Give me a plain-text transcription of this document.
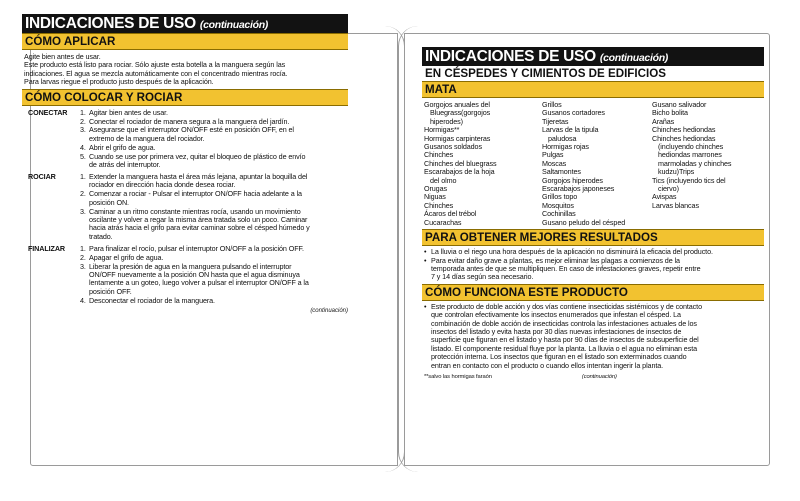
INDICACIONES DE USO (continuación)
CÓMO APLICAR
Agite bien antes de usar.
Este producto está listo para rociar. Sólo ajuste esta botella a la manguera según las
indicaciones. El agua se mezcla automáticamente con el concentrado mientras rocía.
Para larvas riegue el producto justo después de la aplicación.
CÓMO COLOCAR Y ROCIAR
CONECTAR	1. Agitar bien antes de usar.
2. Conectar el rociador de manera segura a la manguera del jardín.
3. Asegurarse que el interruptor ON/OFF esté en posición OFF, en el
extremo de la manguera del rociador.
4. Abrir el grifo de agua.
5. Cuando se use por primera vez, quitar el bloqueo de plástico de envío
de atrás del interruptor.
ROCIAR	1. Extender la manguera hasta el área más lejana, apuntar la boquilla del
rociador en dirección hacia donde desea rociar.
2. Comenzar a rociar - Pulsar el interruptor ON/OFF hacia adelante a la
posición ON.
3. Caminar a un ritmo constante mientras rocía, usando un movimiento
oscilante y volver a regar la misma área tratada solo un poco. Caminar
hacia atrás hacia el grifo para evitar caminar sobre el césped húmedo y
tratado.
FINALIZAR	1. Para finalizar el rocío, pulsar el interruptor ON/OFF a la posición OFF.
2. Apagar el grifo de agua.
3. Liberar la presión de agua en la manguera pulsando el interruptor
ON/OFF nuevamente a la posición ON hasta que el agua disminuya
lentamente a un goteo, luego volver a pulsar el interruptor ON/OFF a la
posición OFF.
4. Desconectar el rociador de la manguera.
(continuación)
INDICACIONES DE USO (continuación)
EN CÉSPEDES Y CIMIENTOS DE EDIFICIOS
MATA
Gorgojos anuales del
Bluegrass(gorgojos
hiperodes)
Hormigas**
Hormigas carpinteras
Gusanos soldados
Chinches
Chinches del bluegrass
Escarabajos de la hoja
del olmo
Orugas
Niguas
Chinches
Ácaros del trébol
Cucarachas
Grillos
Gusanos cortadores
Tijeretas
Larvas de la tipula
paludosa
Hormigas rojas
Pulgas
Moscas
Saltamontes
Gorgojos hiperodes
Escarabajos japoneses
Grillos topo
Mosquitos
Cochinillas
Gusano peludo del césped
Gusano salivador
Bicho bolita
Arañas
Chinches hediondas
Chinches hediondas
(incluyendo chinches
hediondas marrones
marmoladas y chinches
kudzu)Trips
Tics (incluyendo tics del
ciervo)
Avispas
Larvas blancas
PARA OBTENER MEJORES RESULTADOS
• La lluvia o el riego una hora después de la aplicación no disminuirá la eficacia del producto.
• Para evitar daño grave a plantas, es mejor eliminar las plagas a comienzos de la
temporada antes de que se multipliquen. En caso de infestaciones graves, repetir entre
7 y 14 días según sea necesario.
CÓMO FUNCIONA ESTE PRODUCTO
• Este producto de doble acción y dos vías contiene insecticidas sistémicos y de contacto
que controlan efectivamente los insectos enumerados que infestan el césped. La
combinación de doble acción de insecticidas controla las infestaciones actuales de los
insectos del listado y evita hasta por 30 días nuevas infestaciones de insectos de
superficie que figuran en el listado y hasta por 90 días de insectos de subsuperficie del
listado. El componente residual fluye por la planta. La lluvia o el agua no eliminan esta
protección interna. Los insectos que figuran en el listado son exterminados cuando
entran en contacto con el producto o cuando ellos intentan ingerir la planta.
**salvo las hormigas faraón	(continuación)
